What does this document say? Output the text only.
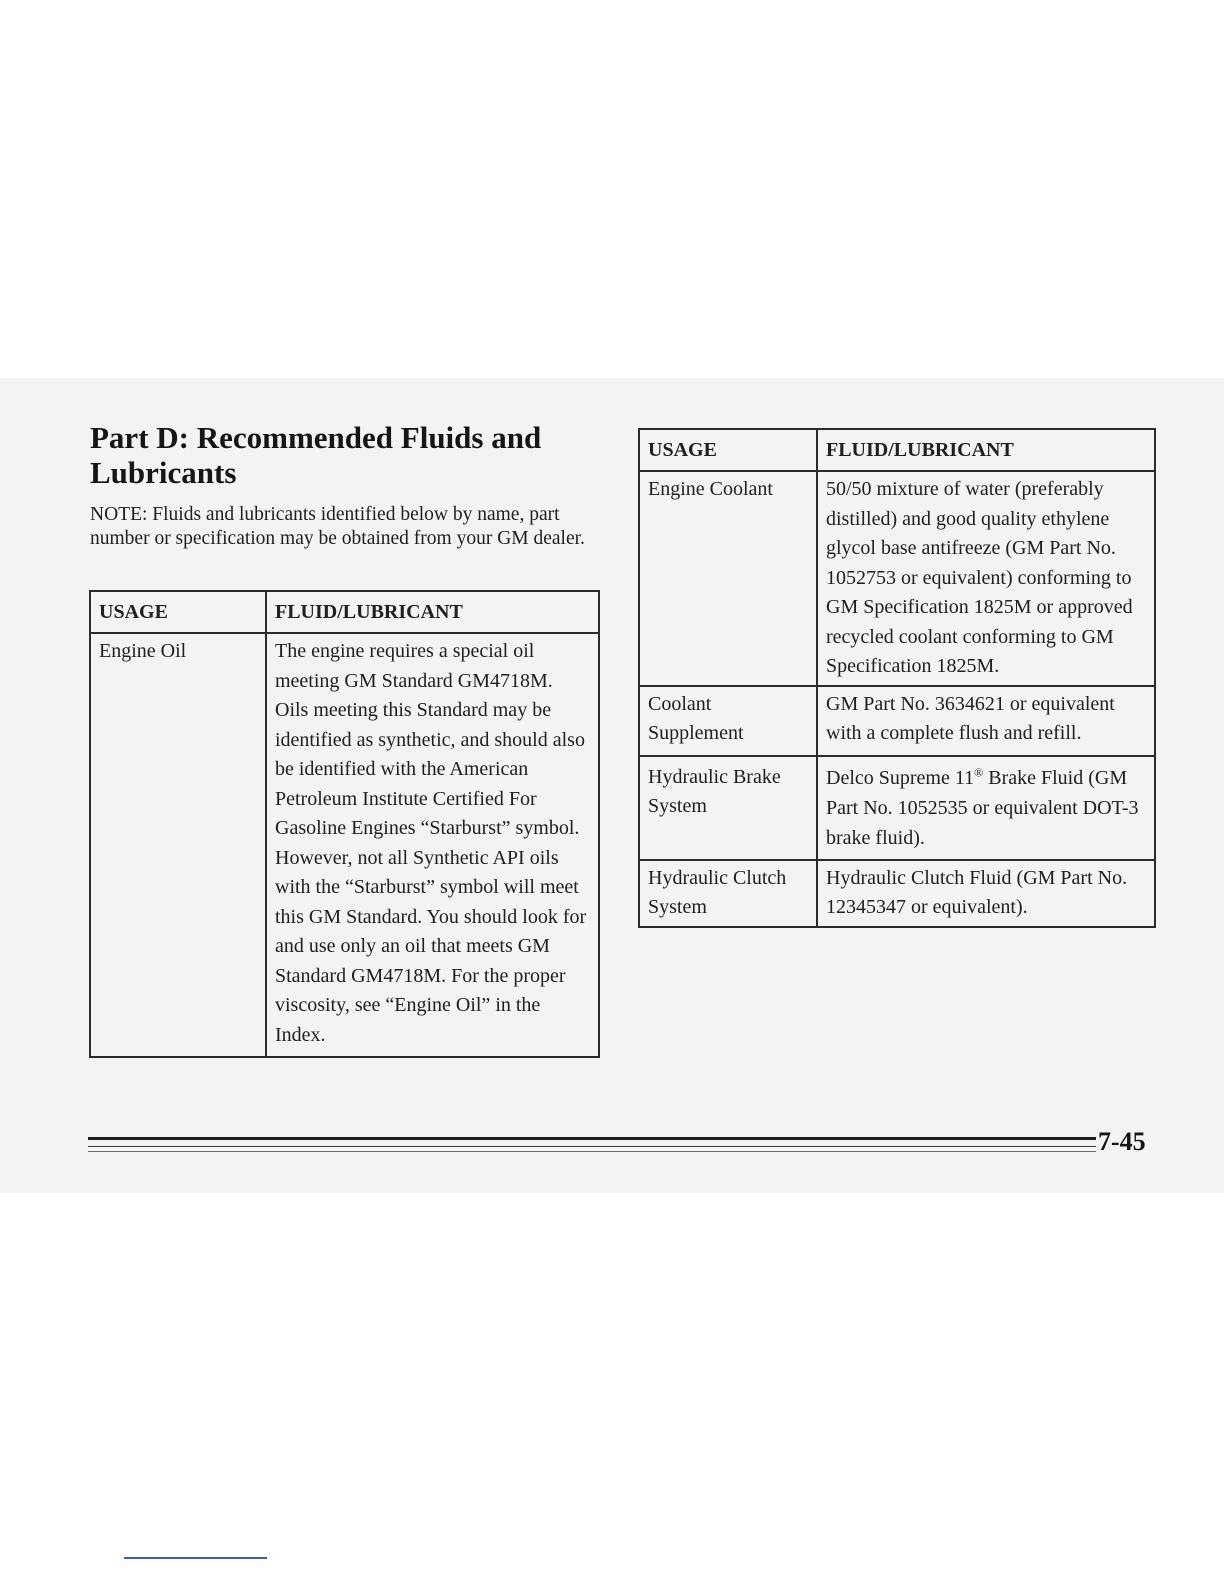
Part D: Recommended Fluids and Lubricants

NOTE: Fluids and lubricants identified below by name, part number or specification may be obtained from your GM dealer.

USAGE	FLUID/LUBRICANT
Engine Oil	The engine requires a special oil meeting GM Standard GM4718M. Oils meeting this Standard may be identified as synthetic, and should also be identified with the American Petroleum Institute Certified For Gasoline Engines “Starburst” symbol. However, not all Synthetic API oils with the “Starburst” symbol will meet this GM Standard. You should look for and use only an oil that meets GM Standard GM4718M. For the proper viscosity, see “Engine Oil” in the Index.
USAGE	FLUID/LUBRICANT
Engine Coolant	50/50 mixture of water (preferably distilled) and good quality ethylene glycol base antifreeze (GM Part No. 1052753 or equivalent) conforming to GM Specification 1825M or approved recycled coolant conforming to GM Specification 1825M.
Coolant Supplement	GM Part No. 3634621 or equivalent with a complete flush and refill.
Hydraulic Brake System	Delco Supreme 11® Brake Fluid (GM Part No. 1052535 or equivalent DOT-3 brake fluid).
Hydraulic Clutch System	Hydraulic Clutch Fluid (GM Part No. 12345347 or equivalent).
7-45
